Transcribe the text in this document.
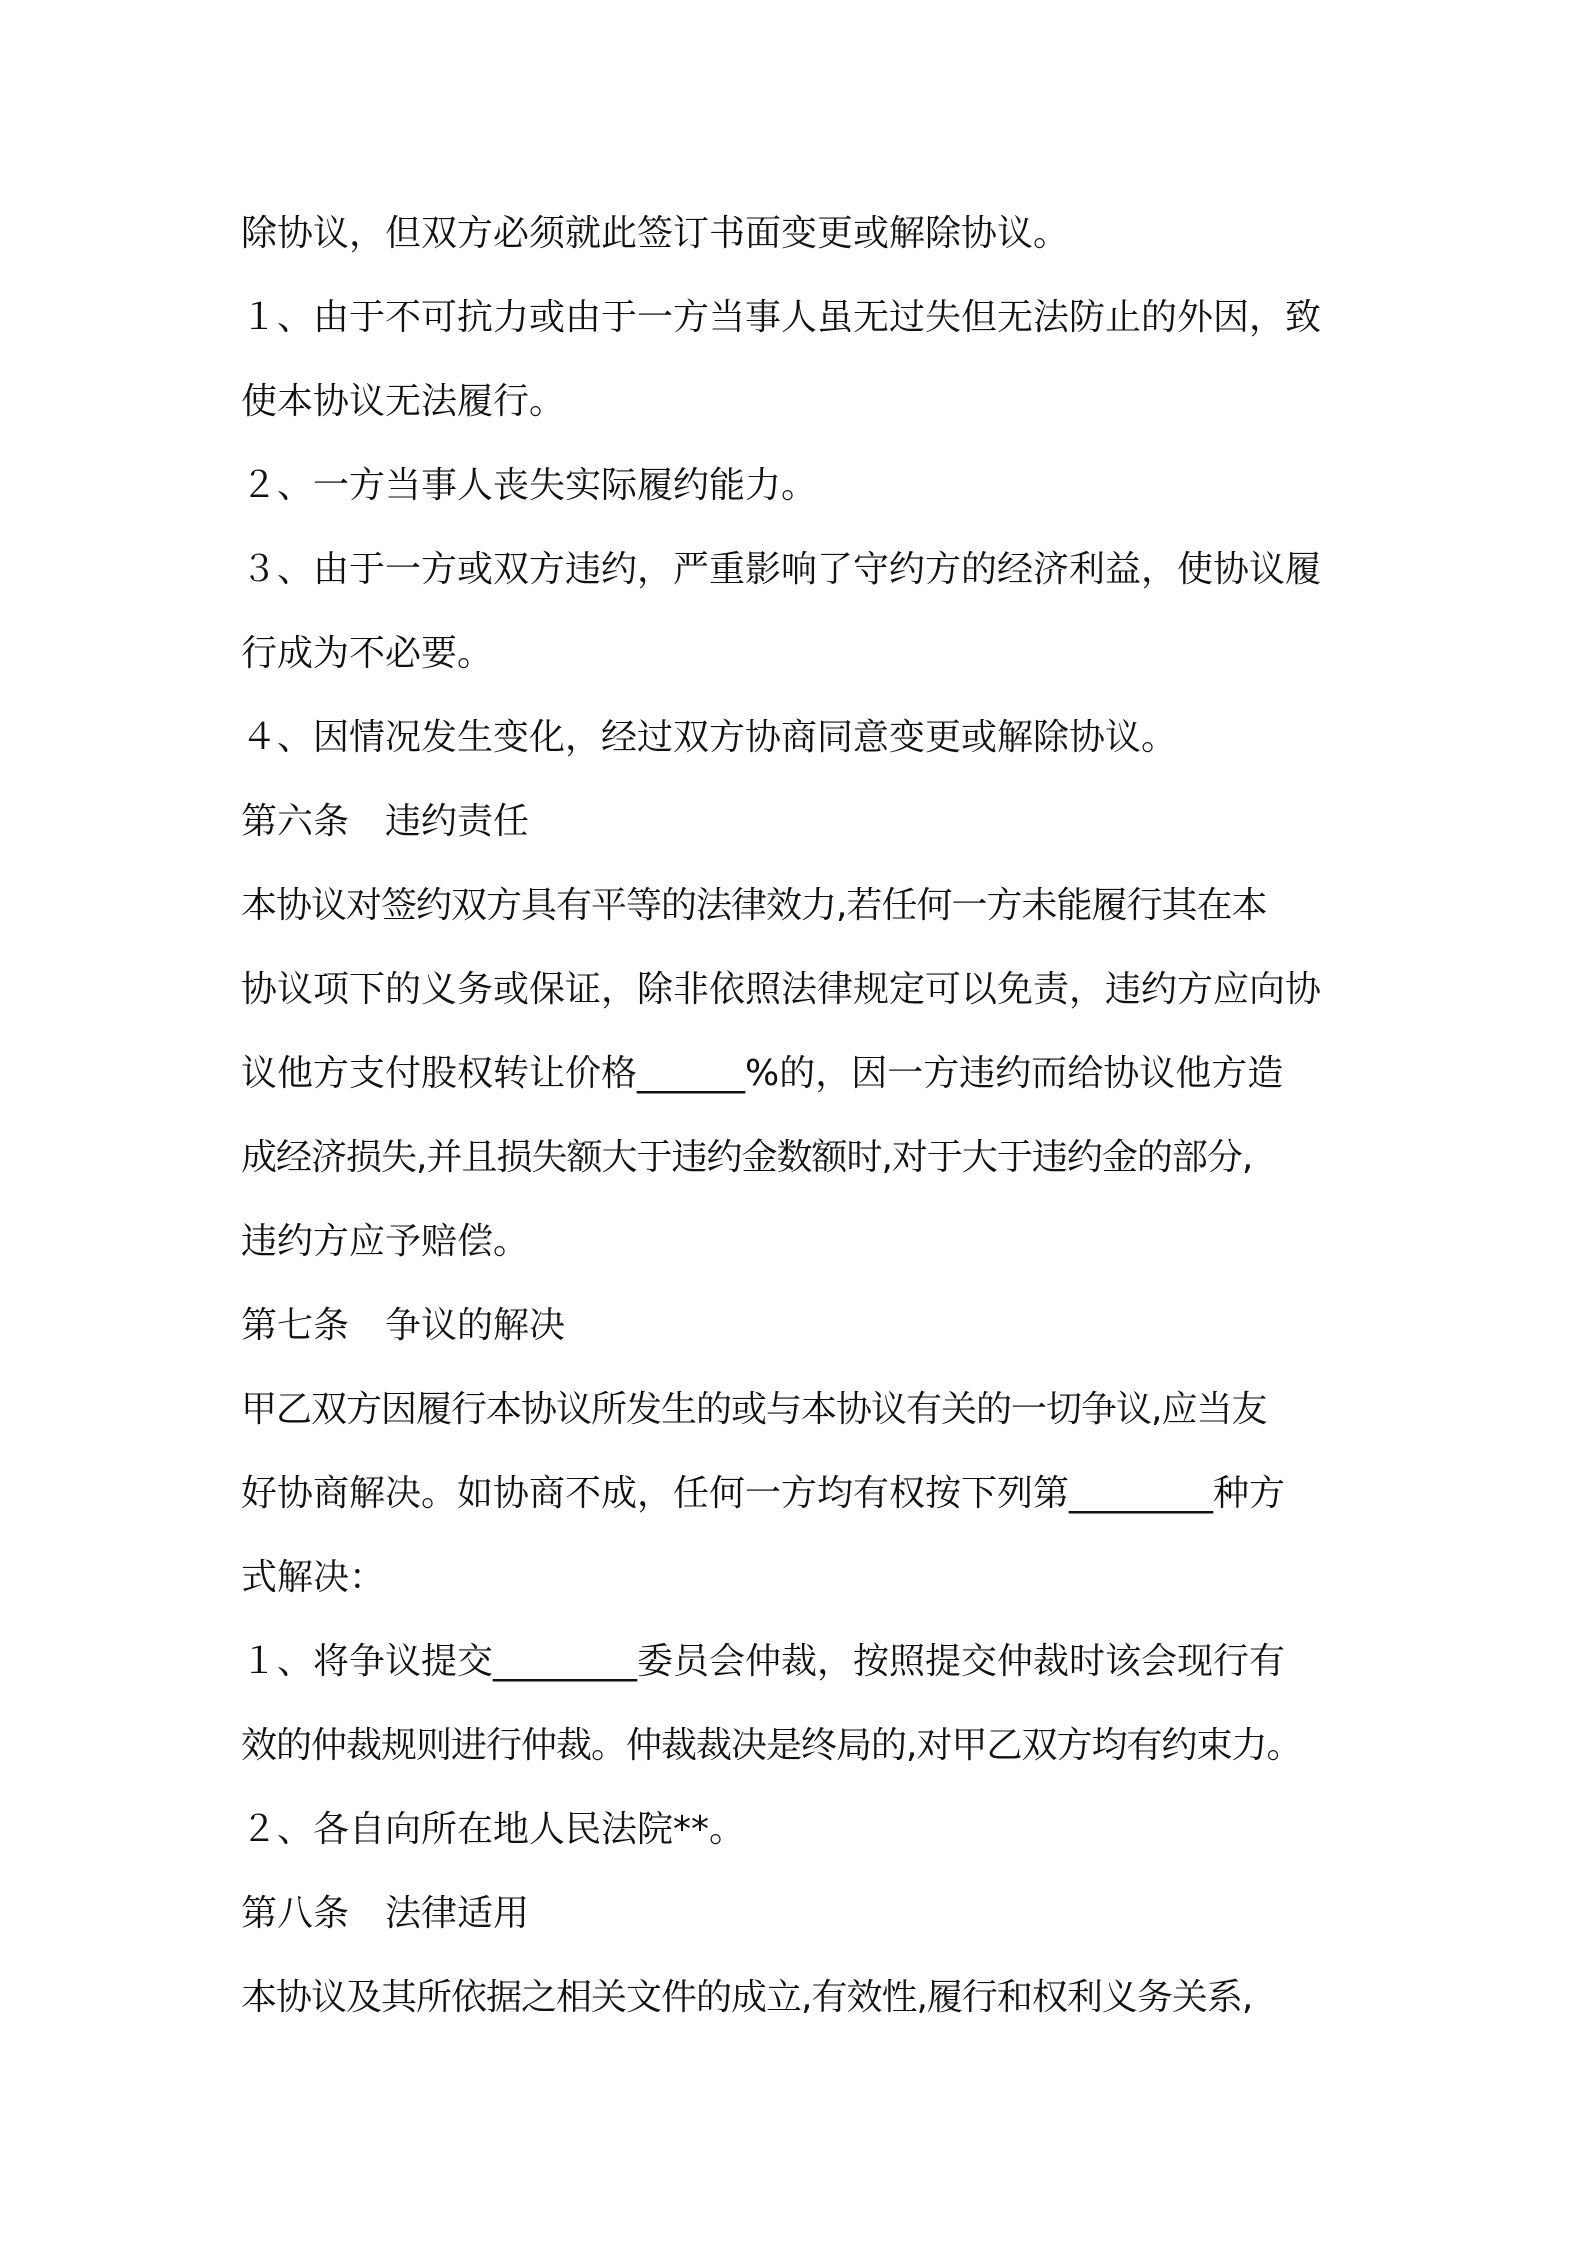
除协议，但双方必须就此签订书面变更或解除协议。
１、由于不可抗力或由于一方当事人虽无过失但无法防止的外因，致
使本协议无法履行。
２、一方当事人丧失实际履约能力。
３、由于一方或双方违约，严重影响了守约方的经济利益，使协议履
行成为不必要。
４、因情况发生变化，经过双方协商同意变更或解除协议。
第六条　违约责任
本协议对签约双方具有平等的法律效力,若任何一方未能履行其在本
协议项下的义务或保证，除非依照法律规定可以免责，违约方应向协
议他方支付股权转让价格______%的，因一方违约而给协议他方造
成经济损失,并且损失额大于违约金数额时,对于大于违约金的部分,
违约方应予赔偿。
第七条　争议的解决
甲乙双方因履行本协议所发生的或与本协议有关的一切争议,应当友
好协商解决。如协商不成，任何一方均有权按下列第________种方
式解决：
１、将争议提交________委员会仲裁，按照提交仲裁时该会现行有
效的仲裁规则进行仲裁。仲裁裁决是终局的,对甲乙双方均有约束力。
２、各自向所在地人民法院**。
第八条　法律适用
本协议及其所依据之相关文件的成立,有效性,履行和权利义务关系,
